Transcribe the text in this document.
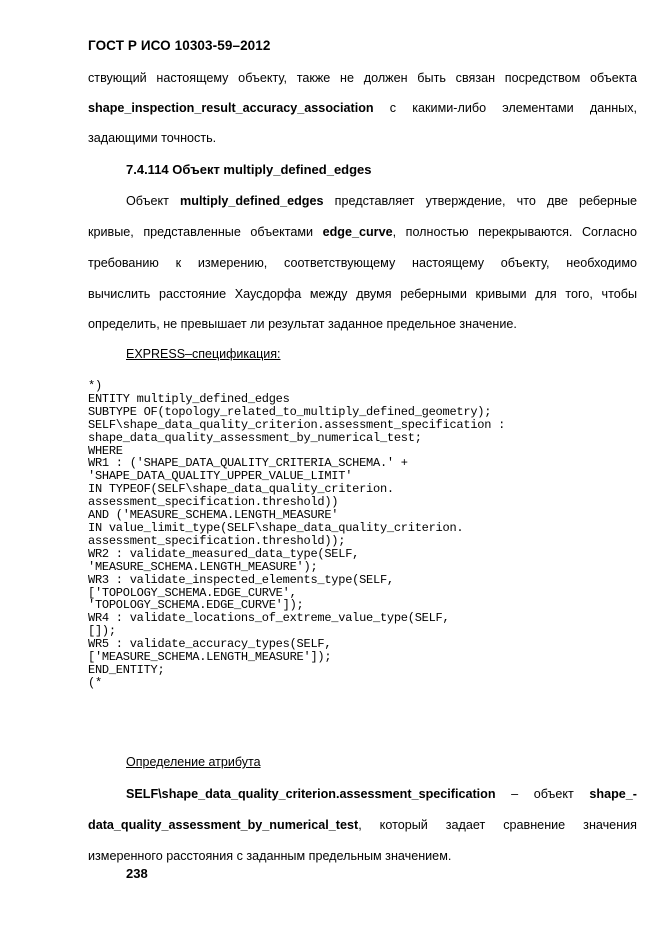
ГОСТ Р ИСО 10303-59–2012
ствующий настоящему объекту, также не должен быть связан посредством объекта
shape_inspection_result_accuracy_association с какими-либо элементами данных,
задающими точность.
7.4.114 Объект multiply_defined_edges
Объект multiply_defined_edges представляет утверждение, что две реберные
кривые, представленные объектами edge_curve, полностью перекрываются. Согласно
требованию к измерению, соответствующему настоящему объекту, необходимо
вычислить расстояние Хаусдорфа между двумя реберными кривыми для того, чтобы
определить, не превышает ли результат заданное предельное значение.
EXPRESS–спецификация:
*)
ENTITY multiply_defined_edges
SUBTYPE OF(topology_related_to_multiply_defined_geometry);
SELF\shape_data_quality_criterion.assessment_specification :
shape_data_quality_assessment_by_numerical_test;
WHERE
WR1 : ('SHAPE_DATA_QUALITY_CRITERIA_SCHEMA.' +
'SHAPE_DATA_QUALITY_UPPER_VALUE_LIMIT'
IN TYPEOF(SELF\shape_data_quality_criterion.
assessment_specification.threshold))
AND ('MEASURE_SCHEMA.LENGTH_MEASURE'
IN value_limit_type(SELF\shape_data_quality_criterion.
assessment_specification.threshold));
WR2 : validate_measured_data_type(SELF,
'MEASURE_SCHEMA.LENGTH_MEASURE');
WR3 : validate_inspected_elements_type(SELF,
['TOPOLOGY_SCHEMA.EDGE_CURVE',
'TOPOLOGY_SCHEMA.EDGE_CURVE']);
WR4 : validate_locations_of_extreme_value_type(SELF,
[]);
WR5 : validate_accuracy_types(SELF,
['MEASURE_SCHEMA.LENGTH_MEASURE']);
END_ENTITY;
(*
Определение атрибута
SELF\shape_data_quality_criterion.assessment_specification – объект shape_-
data_quality_assessment_by_numerical_test, который задает сравнение значения
измеренного расстояния с заданным предельным значением.
238
